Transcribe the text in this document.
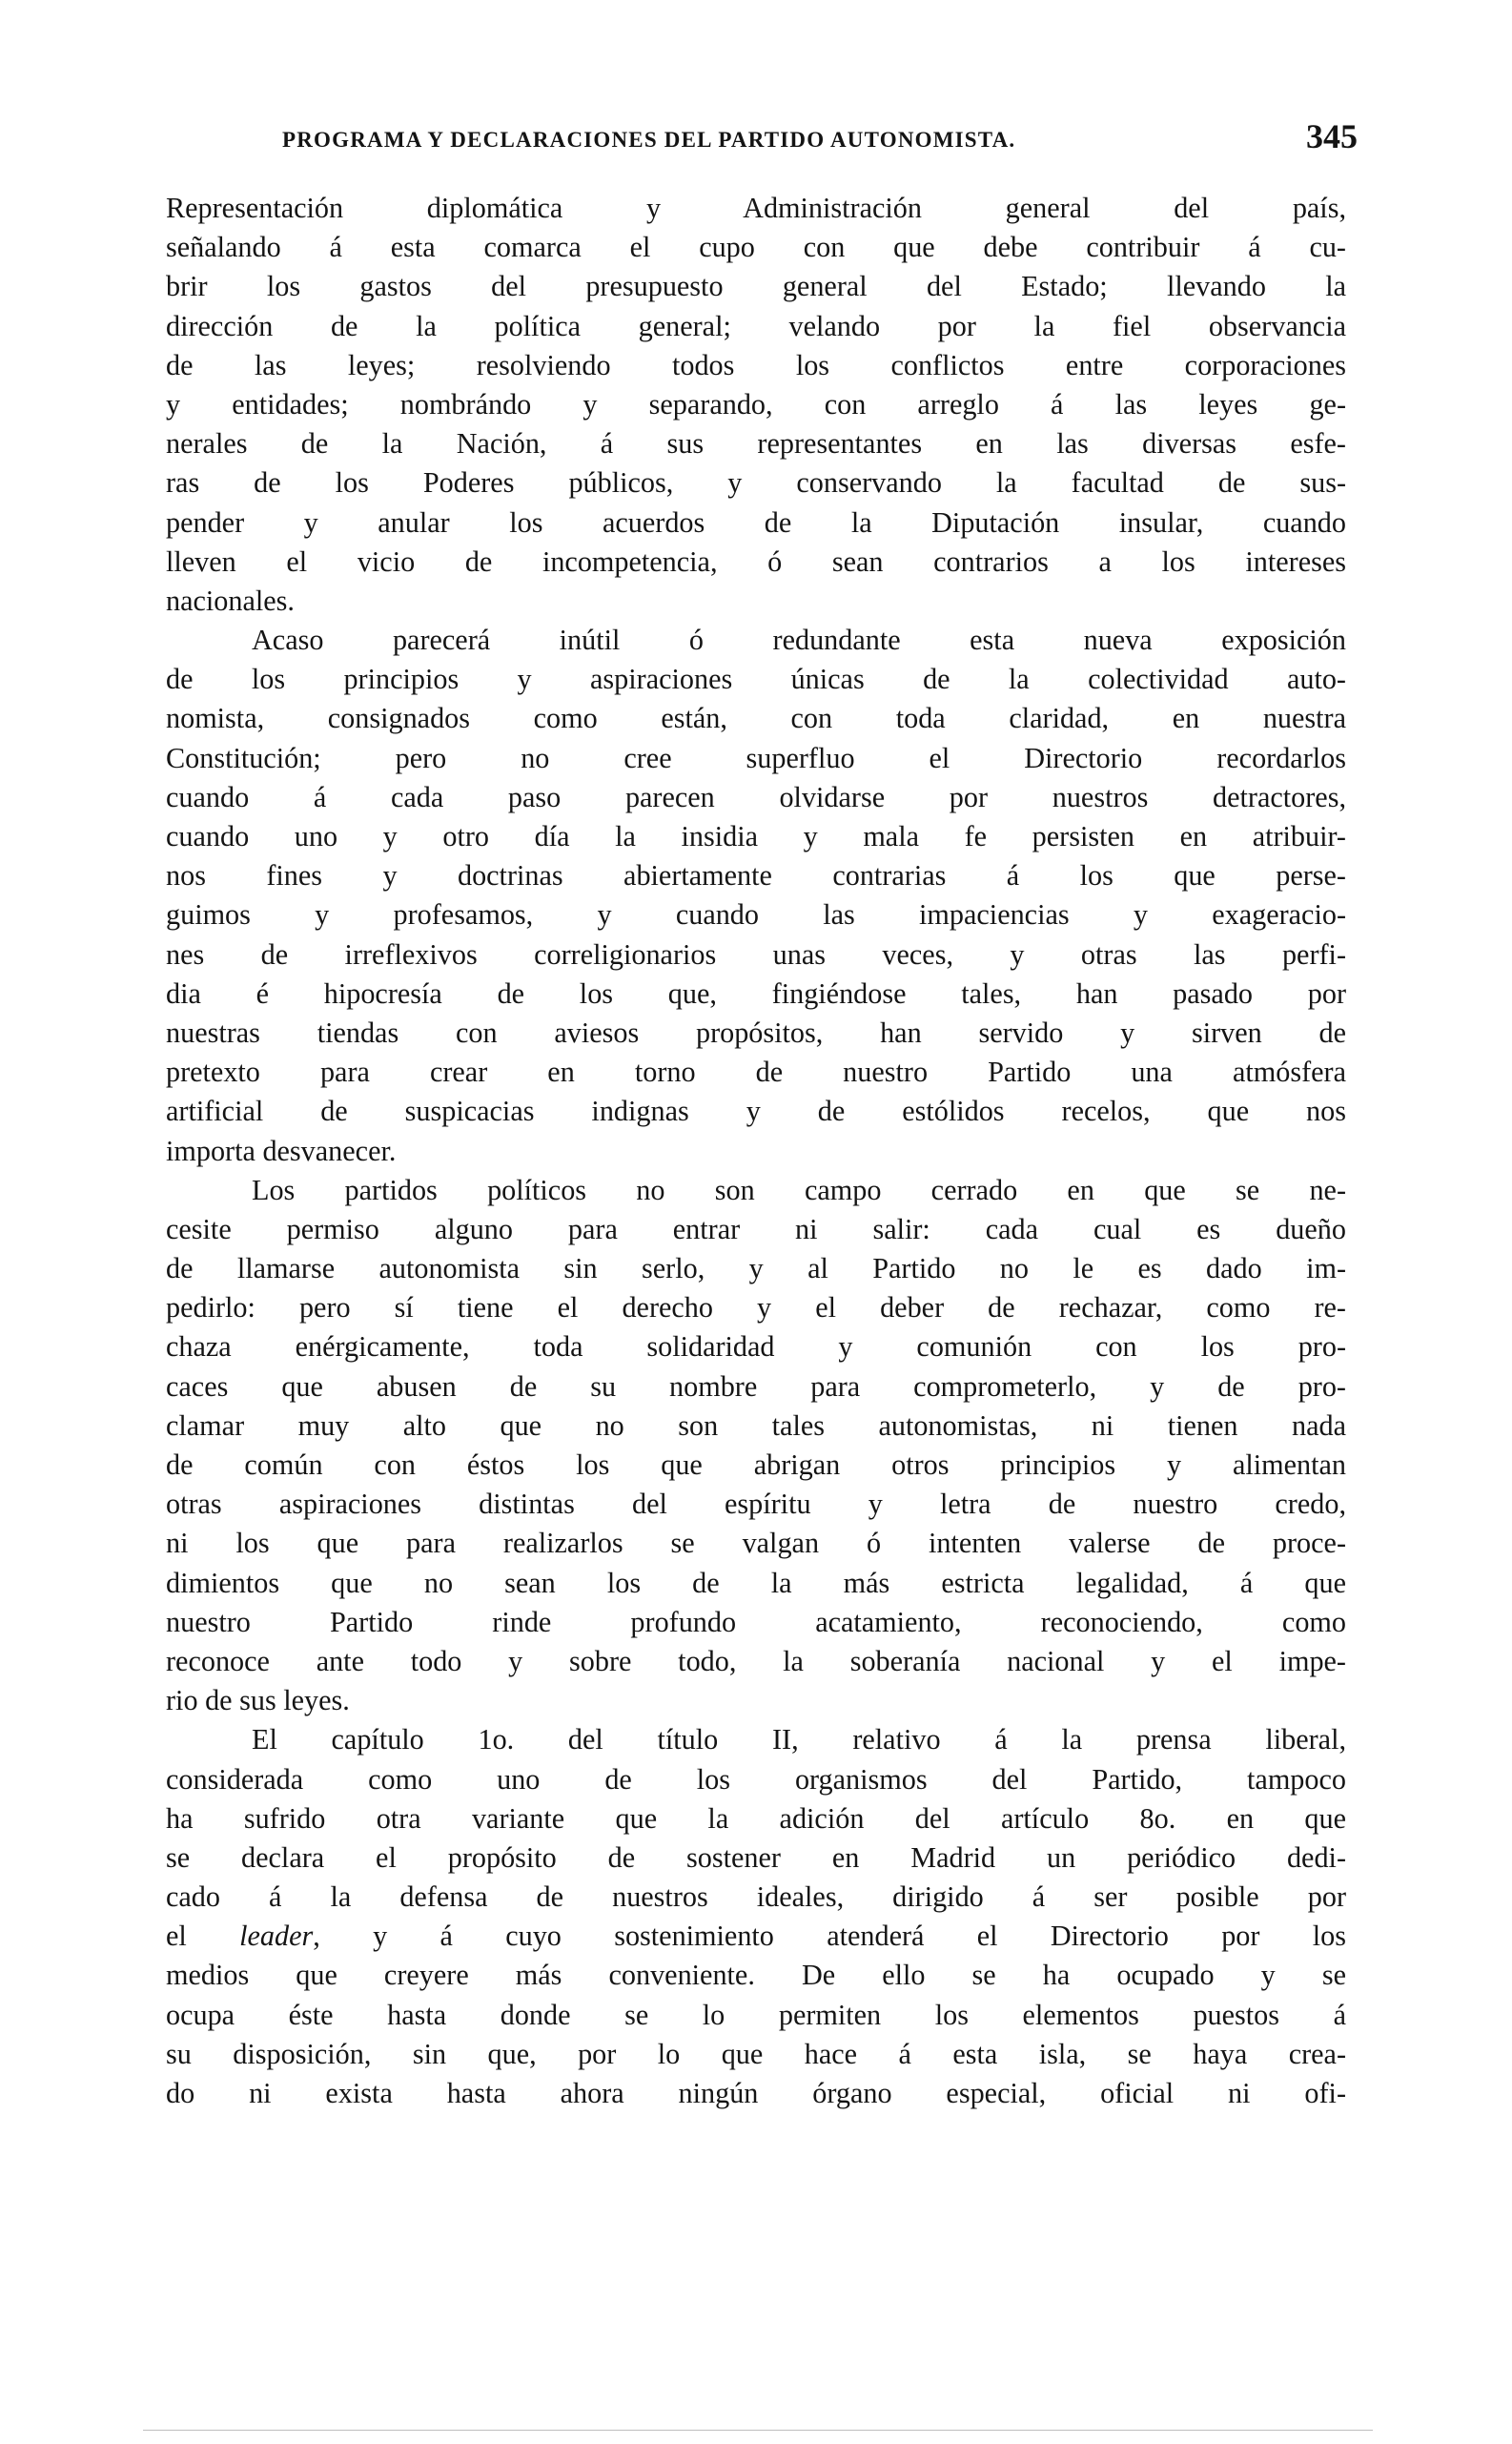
PROGRAMA Y DECLARACIONES DEL PARTIDO AUTONOMISTA.	345
Representación diplomática y Administración general del país,
señalando á esta comarca el cupo con que debe contribuir á cu-
brir los gastos del presupuesto general del Estado; llevando la
dirección de la política general; velando por la fiel observancia
de las leyes; resolviendo todos los conflictos entre corporaciones
y entidades; nombrándo y separando, con arreglo á las leyes ge-
nerales de la Nación, á sus representantes en las diversas esfe-
ras de los Poderes públicos, y conservando la facultad de sus-
pender y anular los acuerdos de la Diputación insular, cuando
lleven el vicio de incompetencia, ó sean contrarios a los intereses
nacionales.
Acaso parecerá inútil ó redundante esta nueva exposición
de los principios y aspiraciones únicas de la colectividad auto-
nomista, consignados como están, con toda claridad, en nuestra
Constitución; pero no cree superfluo el Directorio recordarlos
cuando á cada paso parecen olvidarse por nuestros detractores,
cuando uno y otro día la insidia y mala fe persisten en atribuir-
nos fines y doctrinas abiertamente contrarias á los que perse-
guimos y profesamos, y cuando las impaciencias y exageracio-
nes de irreflexivos correligionarios unas veces, y otras las perfi-
dia é hipocresía de los que, fingiéndose tales, han pasado por
nuestras tiendas con aviesos propósitos, han servido y sirven de
pretexto para crear en torno de nuestro Partido una atmósfera
artificial de suspicacias indignas y de estólidos recelos, que nos
importa desvanecer.
Los partidos políticos no son campo cerrado en que se ne-
cesite permiso alguno para entrar ni salir: cada cual es dueño
de llamarse autonomista sin serlo, y al Partido no le es dado im-
pedirlo: pero sí tiene el derecho y el deber de rechazar, como re-
chaza enérgicamente, toda solidaridad y comunión con los pro-
caces que abusen de su nombre para comprometerlo, y de pro-
clamar muy alto que no son tales autonomistas, ni tienen nada
de común con éstos los que abrigan otros principios y alimentan
otras aspiraciones distintas del espíritu y letra de nuestro credo,
ni los que para realizarlos se valgan ó intenten valerse de proce-
dimientos que no sean los de la más estricta legalidad, á que
nuestro Partido rinde profundo acatamiento, reconociendo, como
reconoce ante todo y sobre todo, la soberanía nacional y el impe-
rio de sus leyes.
El capítulo 1o. del título II, relativo á la prensa liberal,
considerada como uno de los organismos del Partido, tampoco
ha sufrido otra variante que la adición del artículo 8o. en que
se declara el propósito de sostener en Madrid un periódico dedi-
cado á la defensa de nuestros ideales, dirigido á ser posible por
el leader, y á cuyo sostenimiento atenderá el Directorio por los
medios que creyere más conveniente. De ello se ha ocupado y se
ocupa éste hasta donde se lo permiten los elementos puestos á
su disposición, sin que, por lo que hace á esta isla, se haya crea-
do ni exista hasta ahora ningún órgano especial, oficial ni ofi-
